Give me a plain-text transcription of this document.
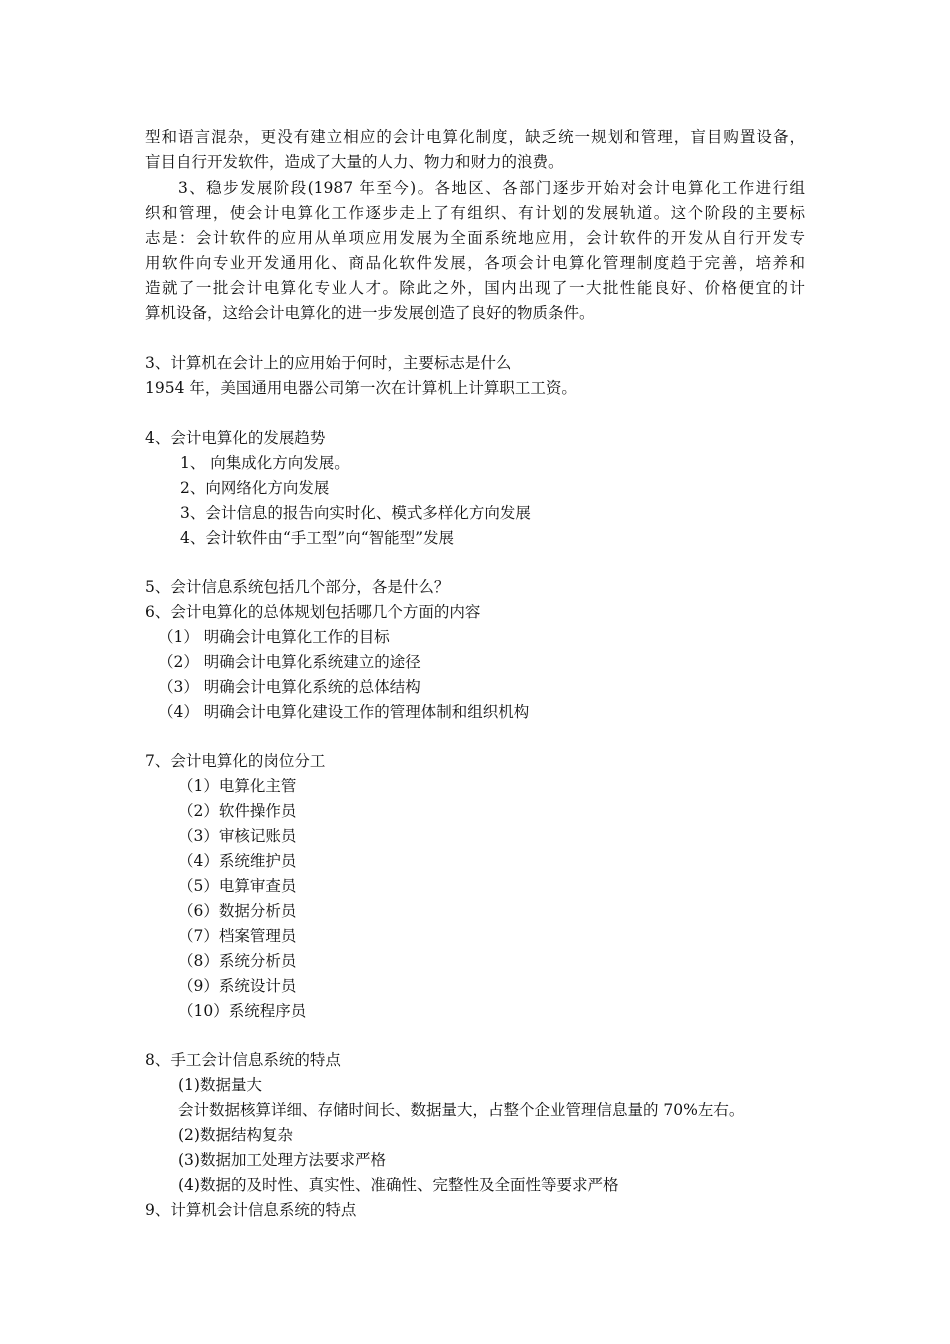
型和语言混杂，更没有建立相应的会计电算化制度，缺乏统一规划和管理，盲目购置设备，
盲目自行开发软件，造成了大量的人力、物力和财力的浪费。
3、稳步发展阶段(1987 年至今)。各地区、各部门逐步开始对会计电算化工作进行组
织和管理，使会计电算化工作逐步走上了有组织、有计划的发展轨道。这个阶段的主要标
志是：会计软件的应用从单项应用发展为全面系统地应用，会计软件的开发从自行开发专
用软件向专业开发通用化、商品化软件发展，各项会计电算化管理制度趋于完善，培养和
造就了一批会计电算化专业人才。除此之外，国内出现了一大批性能良好、价格便宜的计
算机设备，这给会计电算化的进一步发展创造了良好的物质条件。
3、计算机在会计上的应用始于何时，主要标志是什么
1954 年，美国通用电器公司第一次在计算机上计算职工工资。
4、会计电算化的发展趋势
1、 向集成化方向发展。
2、向网络化方向发展
3、会计信息的报告向实时化、模式多样化方向发展
4、会计软件由“手工型”向“智能型”发展
5、会计信息系统包括几个部分，各是什么？
6、会计电算化的总体规划包括哪几个方面的内容
（1） 明确会计电算化工作的目标
（2） 明确会计电算化系统建立的途径
（3） 明确会计电算化系统的总体结构
（4） 明确会计电算化建设工作的管理体制和组织机构
7、会计电算化的岗位分工
（1）电算化主管
（2）软件操作员
（3）审核记账员
（4）系统维护员
（5）电算审查员
（6）数据分析员
（7）档案管理员
（8）系统分析员
（9）系统设计员
（10）系统程序员
8、手工会计信息系统的特点
(1)数据量大
会计数据核算详细、存储时间长、数据量大，占整个企业管理信息量的 70%左右。
(2)数据结构复杂
(3)数据加工处理方法要求严格
(4)数据的及时性、真实性、准确性、完整性及全面性等要求严格
9、计算机会计信息系统的特点
